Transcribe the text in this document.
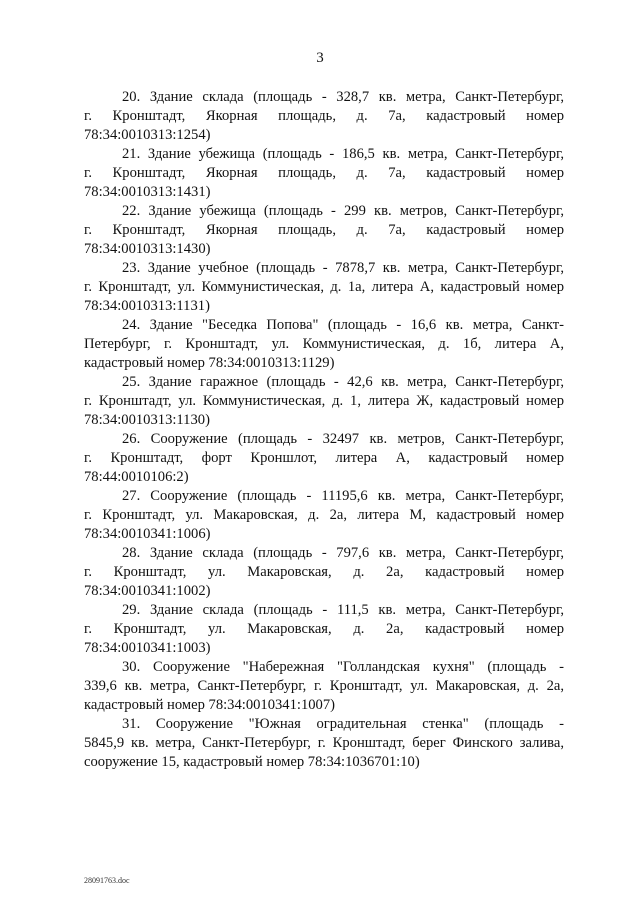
3
20. Здание склада (площадь - 328,7 кв. метра, Санкт-Петербург,
г. Кронштадт, Якорная площадь, д. 7а, кадастровый номер
78:34:0010313:1254)
21. Здание убежища (площадь - 186,5 кв. метра, Санкт-Петербург,
г. Кронштадт, Якорная площадь, д. 7а, кадастровый номер
78:34:0010313:1431)
22. Здание убежища (площадь - 299 кв. метров, Санкт-Петербург,
г. Кронштадт, Якорная площадь, д. 7а, кадастровый номер
78:34:0010313:1430)
23. Здание учебное (площадь - 7878,7 кв. метра, Санкт-Петербург,
г. Кронштадт, ул. Коммунистическая, д. 1а, литера А, кадастровый номер
78:34:0010313:1131)
24. Здание "Беседка Попова" (площадь - 16,6 кв. метра, Санкт-
Петербург, г. Кронштадт, ул. Коммунистическая, д. 1б, литера А,
кадастровый номер 78:34:0010313:1129)
25. Здание гаражное (площадь - 42,6 кв. метра, Санкт-Петербург,
г. Кронштадт, ул. Коммунистическая, д. 1, литера Ж, кадастровый номер
78:34:0010313:1130)
26. Сооружение (площадь - 32497 кв. метров, Санкт-Петербург,
г. Кронштадт, форт Кроншлот, литера А, кадастровый номер
78:44:0010106:2)
27. Сооружение (площадь - 11195,6 кв. метра, Санкт-Петербург,
г. Кронштадт, ул. Макаровская, д. 2а, литера М, кадастровый номер
78:34:0010341:1006)
28. Здание склада (площадь - 797,6 кв. метра, Санкт-Петербург,
г. Кронштадт, ул. Макаровская, д. 2а, кадастровый номер
78:34:0010341:1002)
29. Здание склада (площадь - 111,5 кв. метра, Санкт-Петербург,
г. Кронштадт, ул. Макаровская, д. 2а, кадастровый номер
78:34:0010341:1003)
30. Сооружение "Набережная "Голландская кухня" (площадь -
339,6 кв. метра, Санкт-Петербург, г. Кронштадт, ул. Макаровская, д. 2а,
кадастровый номер 78:34:0010341:1007)
31. Сооружение "Южная оградительная стенка" (площадь -
5845,9 кв. метра, Санкт-Петербург, г. Кронштадт, берег Финского залива,
сооружение 15, кадастровый номер 78:34:1036701:10)
28091763.doc
